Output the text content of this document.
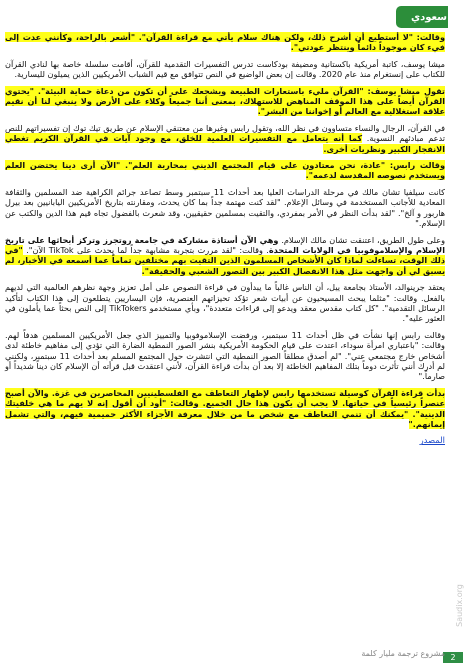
سعودي

وقالت: "لا أستطيع أن أشرح ذلك، ولكن هناك سلام يأتي مع قراءة القرآن". "أشعر بالراحة، وكأنني عدت إلى فيء كان موجوداً دائماً وينتظر عودتي".

ميشا يوسف، كاتبة أمريكية باكستانية ومضيفة بودكاست تدرس التفسيرات التقدمية للقرآن، أقامت سلسلة خاصة بها لنادي القرآن للكتاب على إنستغرام منذ عام 2020. وقالت إن بعض الواضيع في النص تتوافق مع قيم الشباب الأمريكيين الذين يميلون لليسارية.

تقول ميشا يوسف: "القرآن مليء باستعارات الطبيعة ويشجعك على أن تكون من دعاة حماية البيئة". "يحتوي القرآن أيضاً على هذا الموقف المناهض للاستهلاك، بمعنى أننا جميعاً وكلاء على الأرض ولا ينبغي لنا أن نقيم علاقة استغلالية مع العالم أو إخواننا من البشر".

في القرآن، الرجال والنساء متساوون في نظر الله، وتقول رابس وغيرها من معتنقي الإسلام عن طريق تيك توك إن تفسيراتهم للنص تدعم مبادئهم النسوية. كما أنه يتعامل مع التفسيرات العلمية للخلق، مع وجود آيات في القرآن الكريم تغطي الانفجار الكبير ونظريات أخرى.

وقالت رابس: "عادة، نحن معتادون على قيام المجتمع الديني بمحاربة العلم". "الآن أرى دينا يحتضن العلم ويستخدم نصوصه المقدسة لدعمه".

كانت سيلفيا تشان مالك في مرحلة الدراسات العليا بعد أحداث 11 سبتمبر وسط تصاعد جرائم الكراهية ضد المسلمين والثقافة المعادية للأجانب المستخدمة في وسائل الإعلام. "لقد كنت مهتمة جداً بما كان يحدث، ومقارنته بتاريخ الأمريكيين اليابانيين بعد بيرل هاربور و آلخ". "لقد بدأت النظر في الأمر بمفردي، والتقيت بمسلمين حقيقيين، وقد شعرت بالفضول تجاه قيم هذا الدين والكتب عن الإسلام."

وعلى طول الطريق، اعتنقت تشان مالك الإسلام. وهي الآن أستاذة مشاركة في جامعة روتجرز وتركز أبحاثها على تاريخ الإسلام والإسلاموفوبيا في الولايات المتحدة. وقالت: "لقد مررت بتجربة مشابهة جداً لما يحدث على TikTok الآن". "في ذلك الوقت، تساءلت لماذا كان الأشخاص المسلمون الذين التقيت بهم مختلفين تماماً عما أسمعه في الأخبار، لم يسبق لي أن واجهت مثل هذا الانفصال الكبير بين التصور الشعبي والحقيقة".

يعتقد جرينوالد، الأستاذ بجامعة ييل، أن الناس غالباً ما يبدأون في قراءة النصوص على أمل تعزيز وجهة نظرهم العالمية التي لديهم بالفعل. وقالت: "مثلما يبحث المسيحيون عن أبيات شعر تؤكد تحيزاتهم العنصرية، فإن اليساريين يتطلعون إلى هذا الكتاب لتأكيد الرسائل التقدمية". "كل كتاب مقدس معقد ويدعو إلى قراءات متعددة"، وبأي مستخدمو TikTokers إلى النص بحثاً عما يأملون في العثور عليه".

وقالت رابس إنها نشأت في ظل أحداث 11 سبتمبر، ورفضت الإسلاموفوبيا والتمييز الذي جعل الأمريكيين المسلمين هدفاً لهم. وقالت: "باعتباري امرأة سوداء، اعتدت على قيام الحكومة الأمريكية بنشر الصور النمطية الضارة التي تؤدي إلى مفاهيم خاطئة لدى أشخاص خارج مجتمعي عني". "لم أصدق مطلقاً الصور النمطية التي انتشرت حول المجتمع المسلم بعد أحداث 11 سبتمبر، ولكنني لم أدرك أنني تأثرت دوماً بتلك المفاهيم الخاطئة إلا بعد أن بدأت قراءة القرآن، لأنني اعتقدت قبل قرأته أن الإسلام كان ديناً شديداً أو صارماً."

بدأت قراءة القرآن كوسيلة تستخدمها رابس لإظهار التعاطف مع الفلسطينيين المحاصرين في غزة. والآن أصبح عنصراً رئيسياً في حياتها. لا يجب أن يكون هذا حال الجميع. وقالت: "أود أن أقول إنه لا يهم ما هي خلفيتك الدينية". "يمكنك أن تنمي التعاطف مع شخص ما من خلال معرفة الأجزاء الأكثر حميمية فيهم، والتي تشمل إيمانهم."

المصدر
Saudix.org
2
مشروع ترجمة مليار كلمة
